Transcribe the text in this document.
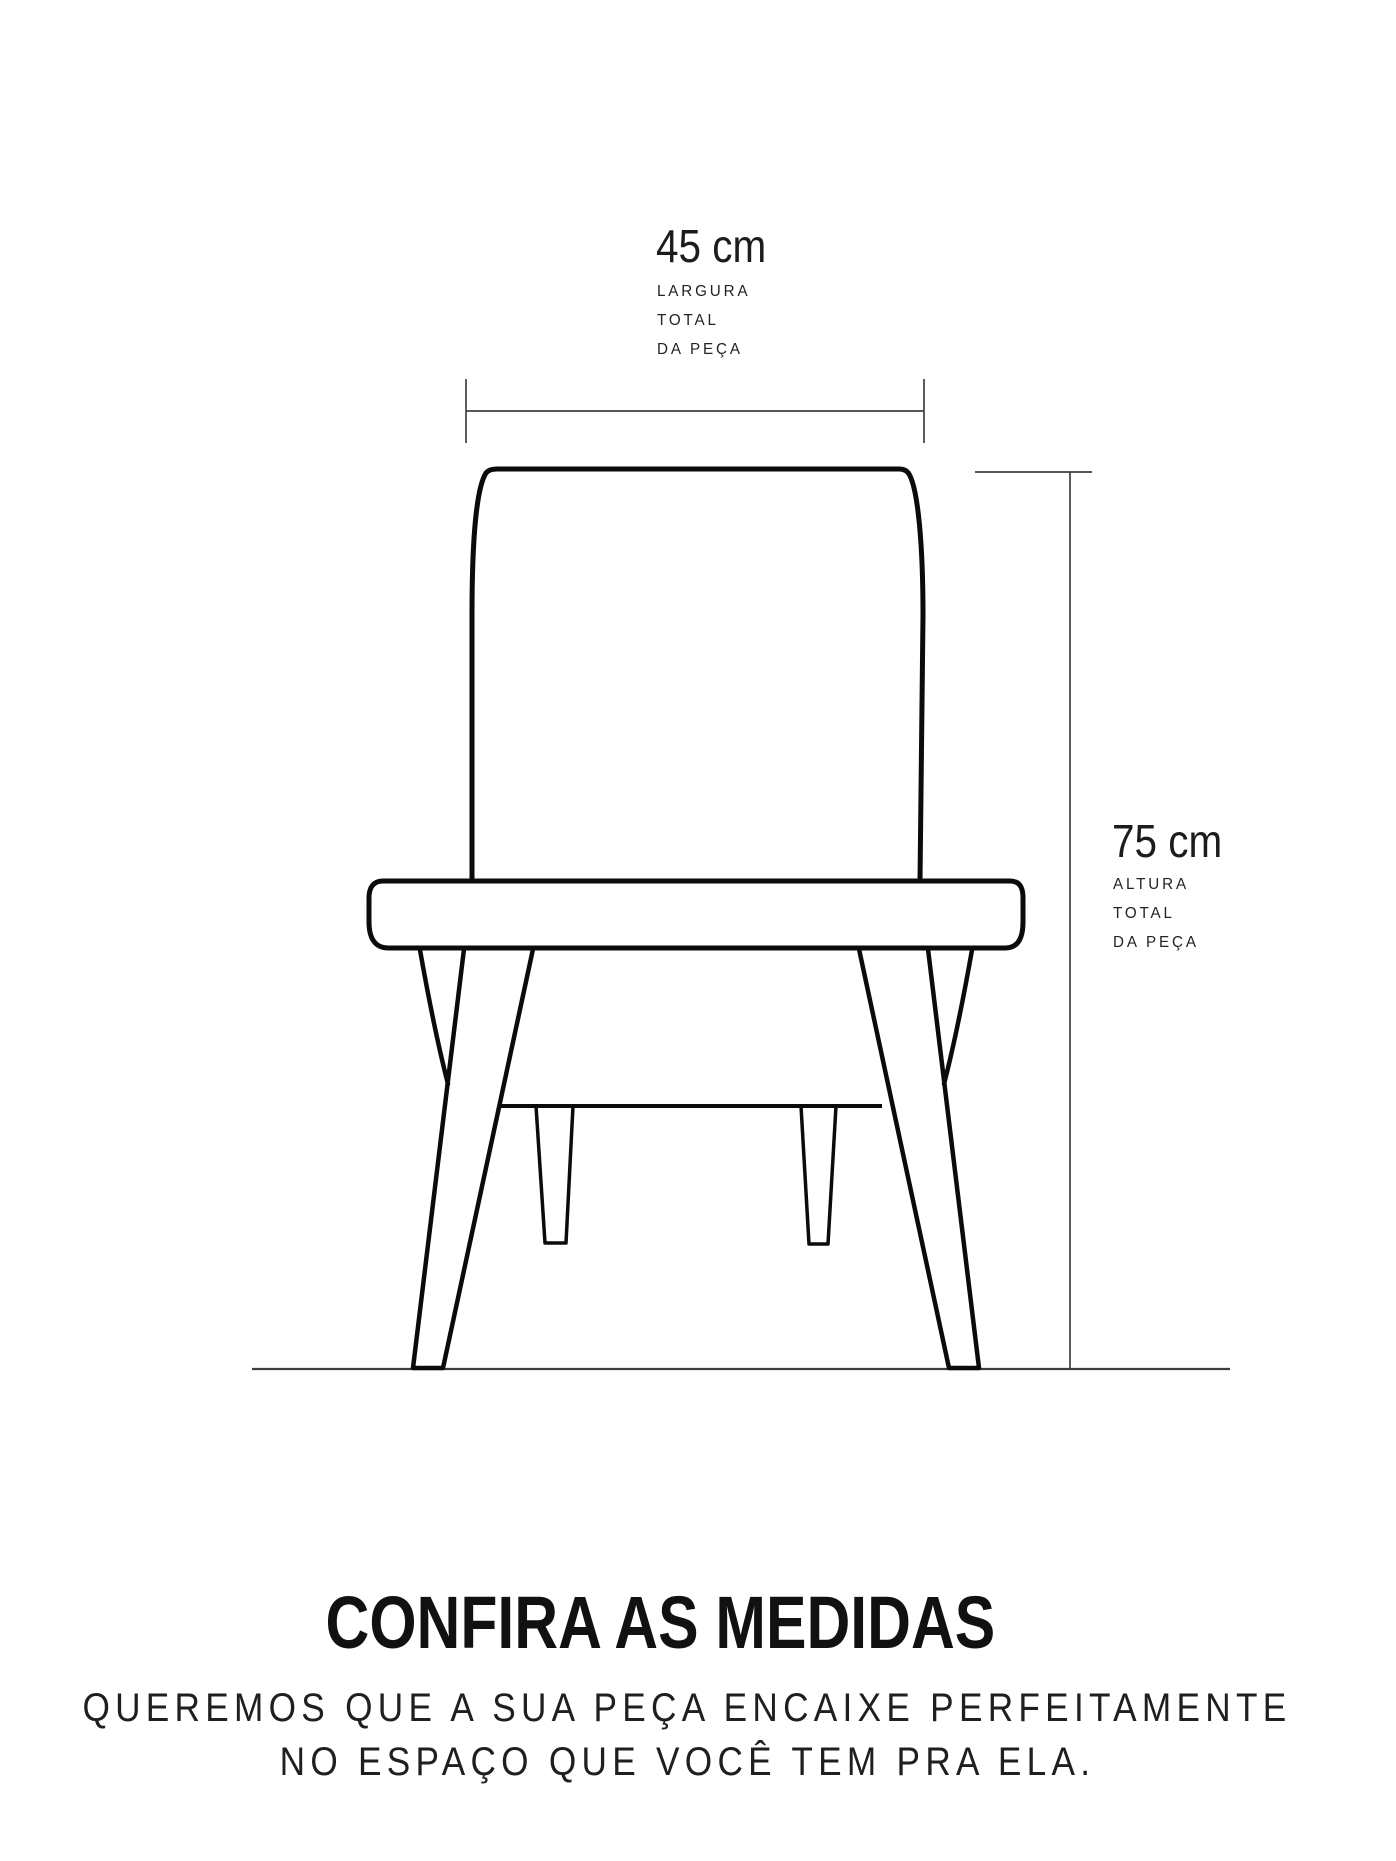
45 cm
LARGURA
TOTAL
DA PEÇA
75 cm
ALTURA
TOTAL
DA PEÇA
CONFIRA AS MEDIDAS
QUEREMOS QUE A SUA PEÇA ENCAIXE PERFEITAMENTE
NO ESPAÇO QUE VOCÊ TEM PRA ELA.
